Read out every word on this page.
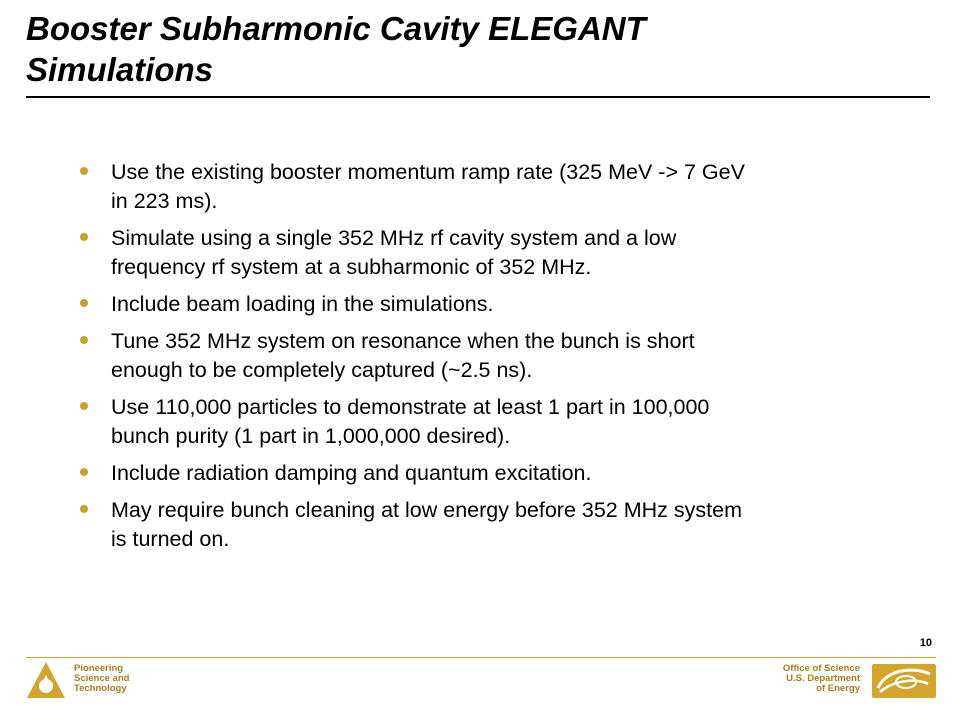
Booster Subharmonic Cavity ELEGANT
Simulations
Use the existing booster momentum ramp rate (325 MeV -> 7 GeV
in 223 ms).
Simulate using a single 352 MHz rf cavity system and a low
frequency rf system at a subharmonic of 352 MHz.
Include beam loading in the simulations.
Tune 352 MHz system on resonance when the bunch is short
enough to be completely captured (~2.5 ns).
Use 110,000 particles to demonstrate at least 1 part in 100,000
bunch purity (1 part in 1,000,000 desired).
Include radiation damping and quantum excitation.
May require bunch cleaning at low energy before 352 MHz system
is turned on.
10
Pioneering
Science and
Technology
Office of Science
U.S. Department
of Energy
